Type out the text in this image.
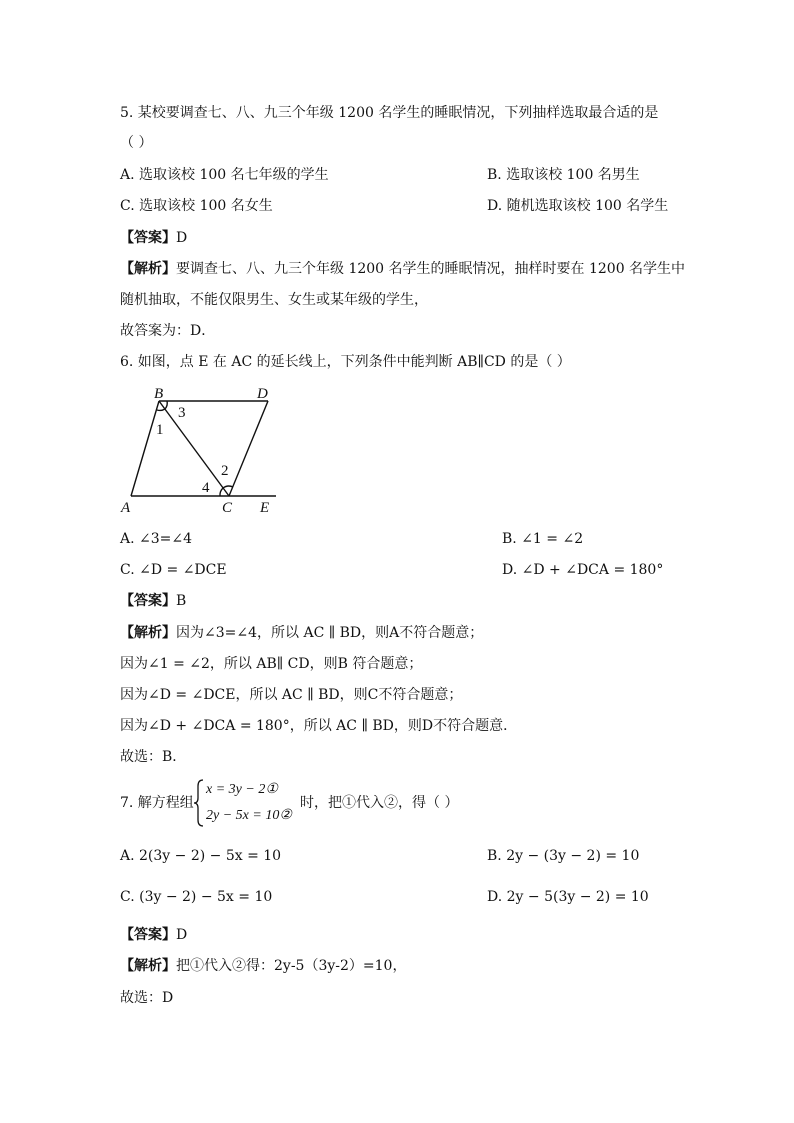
5. 某校要调查七、八、九三个年级 1200 名学生的睡眠情况，下列抽样选取最合适的是
（ ）
A. 选取该校 100 名七年级的学生	B. 选取该校 100 名男生
C. 选取该校 100 名女生	D. 随机选取该校 100 名学生
【答案】D
【解析】要调查七、八、九三个年级 1200 名学生的睡眠情况，抽样时要在 1200 名学生中
随机抽取，不能仅限男生、女生或某年级的学生，
故答案为：D．
6. 如图，点 E 在 AC 的延长线上，下列条件中能判断 AB∥CD 的是（ ）
B	D
A	C E
1
2
3
4
A. ∠3=∠4	B. ∠1 = ∠2
C. ∠D = ∠DCE	D. ∠D + ∠DCA = 180°
【答案】B
【解析】因为∠3=∠4，所以 AC ∥ BD，则A不符合题意；
因为∠1 = ∠2，所以 AB∥ CD，则B 符合题意；
因为∠D = ∠DCE，所以 AC ∥ BD，则C不符合题意；
因为∠D + ∠DCA = 180°，所以 AC ∥ BD，则D不符合题意．
故选：B．
7. 解方程组
x = 3y − 2①
2y − 5x = 10②
时，把①代入②，得（ ）
A. 2(3y − 2) − 5x = 10	B. 2y − (3y − 2) = 10
C. (3y − 2) − 5x = 10	D. 2y − 5(3y − 2) = 10
【答案】D
【解析】把①代入②得：2y-5（3y-2）=10，
故选：D
